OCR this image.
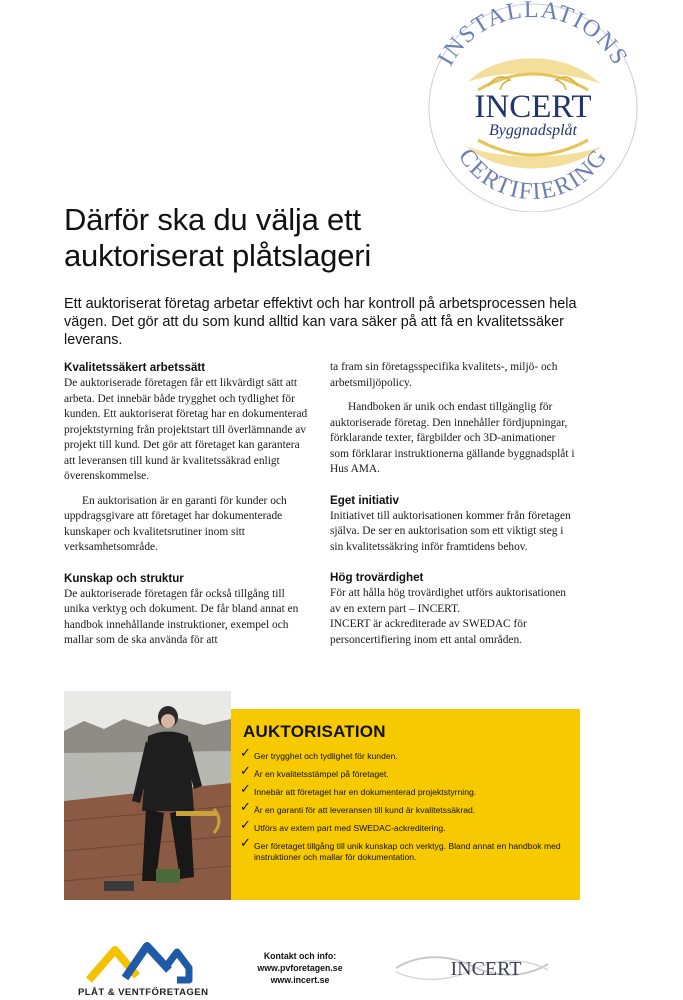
INSTALLATIONS
CERTIFIERING
INCERT
Byggnadsplåt
Därför ska du välja ett
auktoriserat plåtslageri

Ett auktoriserat företag arbetar effektivt och har kontroll på arbetsprocessen hela vägen. Det gör att du som kund alltid kan vara säker på att få en kvalitetssäker leverans.

Kvalitetssäkert arbetssätt

De auktoriserade företagen får ett likvärdigt sätt att arbeta. Det innebär både trygghet och tydlighet för kunden. Ett auktoriserat företag har en dokumenterad projektstyrning från projektstart till överlämnande av projekt till kund. Det gör att företaget kan garantera att leveransen till kund är kvalitetssäkrad enligt överenskommelse.

En auktorisation är en garanti för kunder och uppdragsgivare att företaget har dokumenterade kunskaper och kvalitetsrutiner inom sitt verksamhetsområde.

Kunskap och struktur

De auktoriserade företagen får också tillgång till unika verktyg och dokument. De får bland annat en handbok innehållande instruktioner, exempel och mallar som de ska använda för att

ta fram sin företagsspecifika kvalitets-, miljö- och arbetsmiljöpolicy.

Handboken är unik och endast tillgänglig för auktoriserade företag. Den innehåller fördjupningar, förklarande texter, färgbilder och 3D-animationer som förklarar instruktionerna gällande byggnadsplåt i Hus AMA.

Eget initiativ

Initiativet till auktorisationen kommer från företagen själva. De ser en auktorisation som ett viktigt steg i sin kvalitetssäkring inför framtidens behov.

Hög trovärdighet

För att hålla hög trovärdighet utförs auktorisationen av en extern part – INCERT.

INCERT är ackrediterade av SWEDAC för personcertifiering inom ett antal områden.

AUKTORISATION
✓ Ger trygghet och tydlighet för kunden.
✓ Är en kvalitetsstämpel på företaget.
✓ Innebär att företaget har en dokumenterad projektstyrning.
✓ Är en garanti för att leveransen till kund är kvalitetssäkrad.
✓ Utförs av extern part med SWEDAC-ackreditering.
✓ Ger företaget tillgång till unik kunskap och verktyg. Bland annat en handbok med instruktioner och mallar för dokumentation.
PLÅT & VENTFÖRETAGEN
Kontakt och info:
www.pvforetagen.se
www.incert.se	INCERT
